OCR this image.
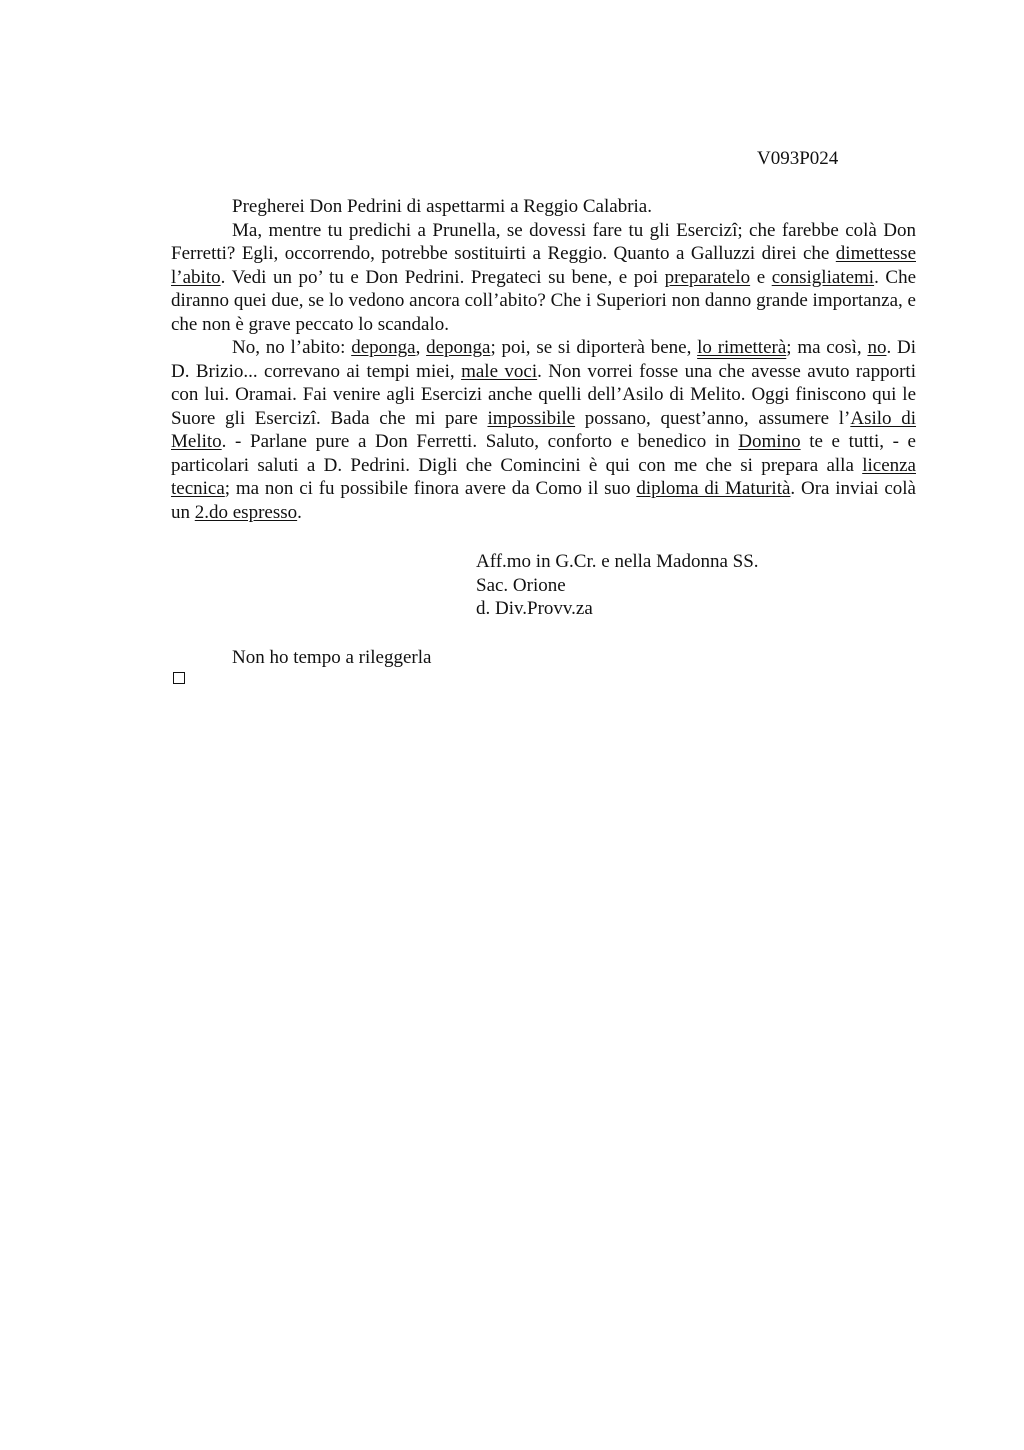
V093P024

Pregherei Don Pedrini di aspettarmi a Reggio Calabria.

Ma, mentre tu predichi a Prunella, se dovessi fare tu gli Esercizi; che farebbe colà Don Ferretti? Egli, occorrendo, potrebbe sostituirti a Reggio. Quanto a Galluzzi direi che dimettesse l’abito. Vedi un po’ tu e Don Pedrini. Pregateci su bene, e poi preparatelo e consigliatemi. Che diranno quei due, se lo vedono ancora coll’abito? Che i Superiori non danno grande importanza, e che non è grave peccato lo scandalo.

No, no l’abito: deponga, deponga; poi, se si diporterà bene, lo rimetterà; ma così, no. Di D. Brizio... correvano ai tempi miei, male voci. Non vorrei fosse una che avesse avuto rapporti con lui. Oramai. Fai venire agli Esercizi anche quelli dell’Asilo di Melito. Oggi finiscono qui le Suore gli Esercizi. Bada che mi pare impossibile possano, quest’anno, assumere l’Asilo di Melito. - Parlane pure a Don Ferretti. Saluto, conforto e benedico in Domino te e tutti, - e particolari saluti a D. Pedrini. Digli che Comincini è qui con me che si prepara alla licenza tecnica; ma non ci fu possibile finora avere da Como il suo diploma di Maturità. Ora inviai colà un 2.do espresso.

Aff.mo in G.Cr. e nella Madonna SS.
Sac. Orione
d. Div.Provv.za
Non ho tempo a rileggerla
